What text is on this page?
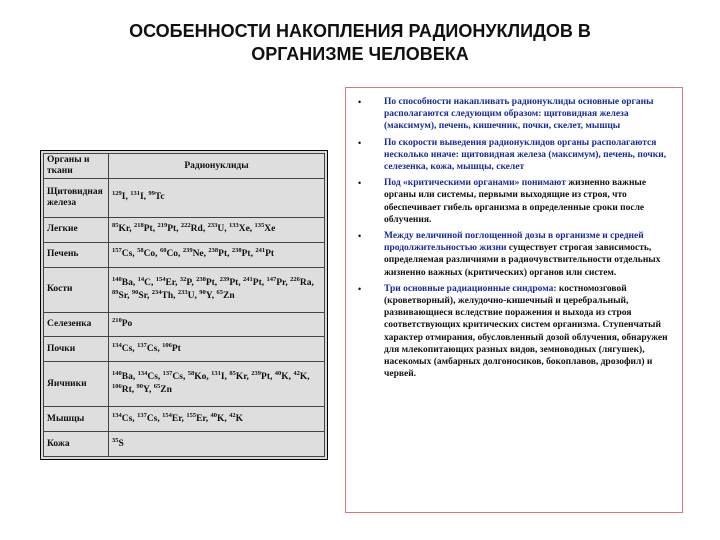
ОСОБЕННОСТИ НАКОПЛЕНИЯ РАДИОНУКЛИДОВ В
ОРГАНИЗМЕ ЧЕЛОВЕКА
Органы и ткани	Радионуклиды
Щитовидная железа	$^{129}$I, $^{131}$I, $^{99}$Tc
Легкие	$^{85}$Kr, $^{218}$Pt, $^{219}$Pt, $^{222}$Rd, $^{233}$U, $^{133}$Xe, $^{135}$Xe
Печень	$^{157}$Cs, $^{58}$Co, $^{60}$Co, $^{239}$Ne, $^{238}$Pt, $^{238}$Pt, $^{241}$Pt
Кости	$^{140}$Ba, $^{14}$C, $^{154}$Er, $^{32}$P, $^{238}$Pt, $^{239}$Pt, $^{241}$Pt, $^{147}$Pr, $^{226}$Ra, $^{89}$Sr, $^{90}$Sr, $^{234}$Th, $^{233}$U, $^{90}$Y, $^{65}$Zn
Селезенка	$^{210}$Po
Почки	$^{134}$Cs, $^{137}$Cs, $^{106}$Pt
Яичники	$^{140}$Ba, $^{134}$Cs, $^{137}$Cs, $^{58}$Ko, $^{131}$I, $^{85}$Kr, $^{239}$Pt, $^{40}$K, $^{42}$K, $^{106}$Rt, $^{90}$Y, $^{65}$Zn
Мышцы	$^{134}$Cs, $^{137}$Cs, $^{154}$Er, $^{155}$Er, $^{40}$K, $^{42}$K
Кожа	$^{35}$S
• По способности накапливать радионуклиды основные органы располагаются следующим образом: щитовидная железа (максимум), печень, кишечник, почки, скелет, мышцы
• По скорости выведения радионуклидов органы располагаются несколько иначе: щитовидная железа (максимум), печень, почки, селезенка, кожа, мышцы, скелет
• Под «критическими органами» понимают жизненно важные органы или системы, первыми выходящие из строя, что обеспечивает гибель организма в определенные сроки после облучения.
• Между величиной поглощенной дозы в организме и средней продолжительностью жизни существует строгая зависимость, определяемая различиями в радиочувствительности отдельных жизненно важных (критических) органов или систем.
• Три основные радиационные синдрома: костномозговой (кроветворный), желудочно-кишечный и церебральный, развивающиеся вследствие поражения и выхода из строя соответствующих критических систем организма. Ступенчатый характер отмирания, обусловленный дозой облучения, обнаружен для млекопитающих разных видов, земноводных (лягушек), насекомых (амбарных долгоносиков, бокоплавов, дрозофил) и червей.
